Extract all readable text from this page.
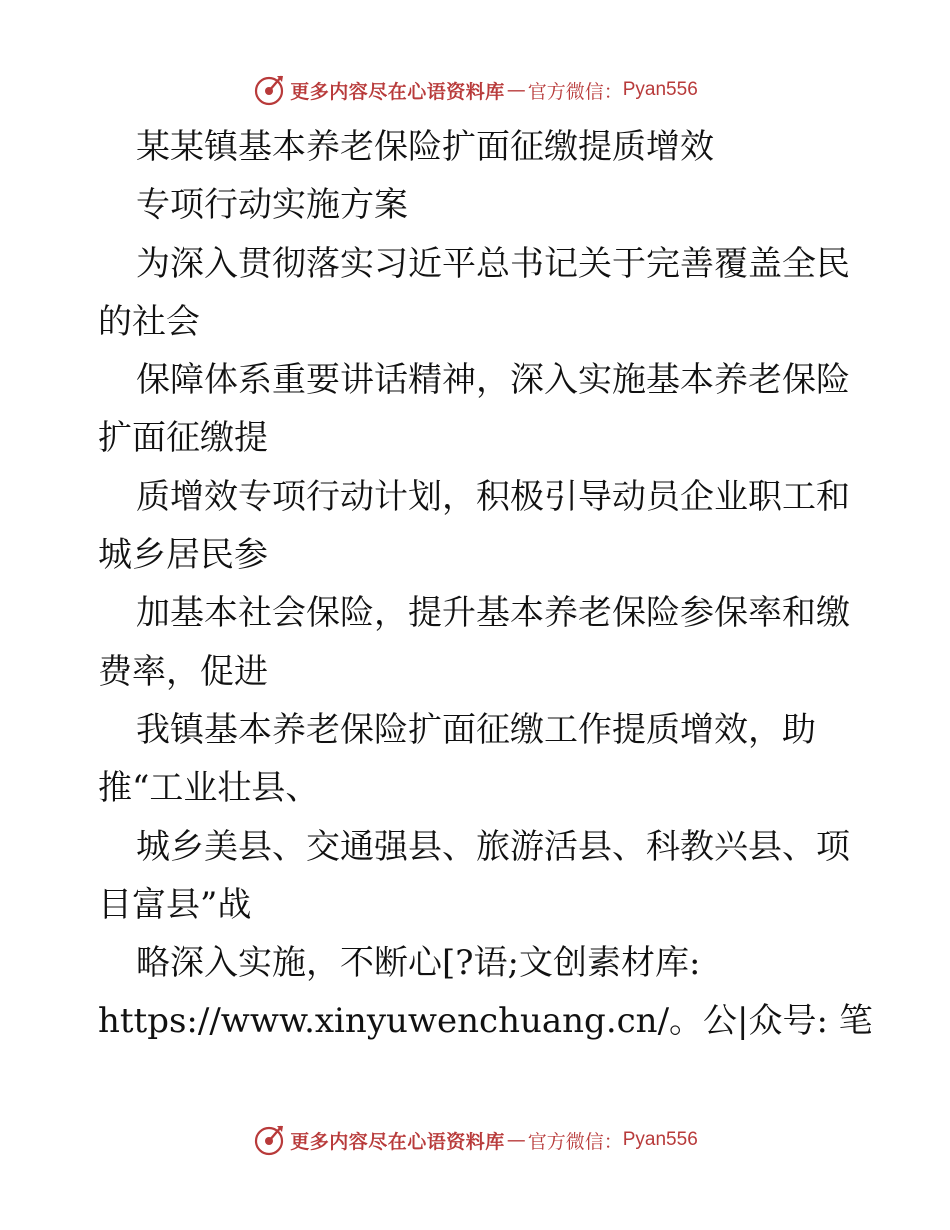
更多内容尽在心语资料库 — 官方微信： Pyan556

某某镇基本养老保险扩面征缴提质增效

专项行动实施方案

为深入贯彻落实习近平总书记关于完善覆盖全民

的社会

保障体系重要讲话精神，深入实施基本养老保险

扩面征缴提

质增效专项行动计划，积极引导动员企业职工和

城乡居民参

加基本社会保险，提升基本养老保险参保率和缴

费率，促进

我镇基本养老保险扩面征缴工作提质增效，助

推“工业壮县、

城乡美县、交通强县、旅游活县、科教兴县、项

目富县”战

略深入实施，不断心[?语;文创素材库:

https://www.xinyuwenchuang.cn/。公|众号: 笔

更多内容尽在心语资料库 — 官方微信： Pyan556
